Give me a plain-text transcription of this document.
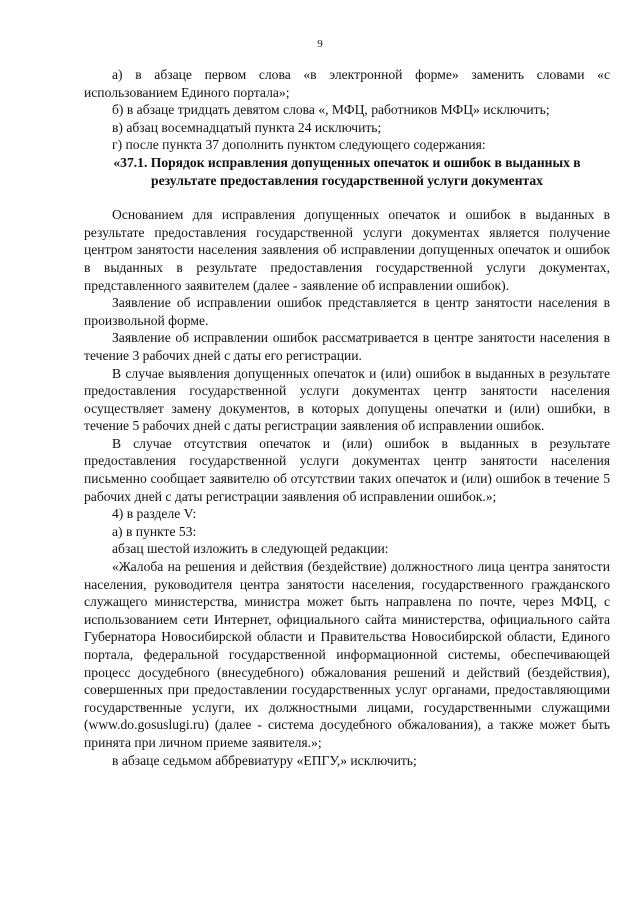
9

а) в абзаце первом слова «в электронной форме» заменить словами «с использованием Единого портала»;

б) в абзаце тридцать девятом слова «, МФЦ, работников МФЦ» исключить;

в) абзац восемнадцатый пункта 24 исключить;

г) после пункта 37 дополнить пунктом следующего содержания:

«37.1. Порядок исправления допущенных опечаток и ошибок в выданных в результате предоставления государственной услуги документах

Основанием для исправления допущенных опечаток и ошибок в выданных в результате предоставления государственной услуги документах является получение центром занятости населения заявления об исправлении допущенных опечаток и ошибок в выданных в результате предоставления государственной услуги документах, представленного заявителем (далее - заявление об исправлении ошибок).

Заявление об исправлении ошибок представляется в центр занятости населения в произвольной форме.

Заявление об исправлении ошибок рассматривается в центре занятости населения в течение 3 рабочих дней с даты его регистрации.

В случае выявления допущенных опечаток и (или) ошибок в выданных в результате предоставления государственной услуги документах центр занятости населения осуществляет замену документов, в которых допущены опечатки и (или) ошибки, в течение 5 рабочих дней с даты регистрации заявления об исправлении ошибок.

В случае отсутствия опечаток и (или) ошибок в выданных в результате предоставления государственной услуги документах центр занятости населения письменно сообщает заявителю об отсутствии таких опечаток и (или) ошибок в течение 5 рабочих дней с даты регистрации заявления об исправлении ошибок.»;

4) в разделе V:

а) в пункте 53:

абзац шестой изложить в следующей редакции:

«Жалоба на решения и действия (бездействие) должностного лица центра занятости населения, руководителя центра занятости населения, государственного гражданского служащего министерства, министра может быть направлена по почте, через МФЦ, с использованием сети Интернет, официального сайта министерства, официального сайта Губернатора Новосибирской области и Правительства Новосибирской области, Единого портала, федеральной государственной информационной системы, обеспечивающей процесс досудебного (внесудебного) обжалования решений и действий (бездействия), совершенных при предоставлении государственных услуг органами, предоставляющими государственные услуги, их должностными лицами, государственными служащими (www.do.gosuslugi.ru) (далее - система досудебного обжалования), а также может быть принята при личном приеме заявителя.»;

в абзаце седьмом аббревиатуру «ЕПГУ,» исключить;
